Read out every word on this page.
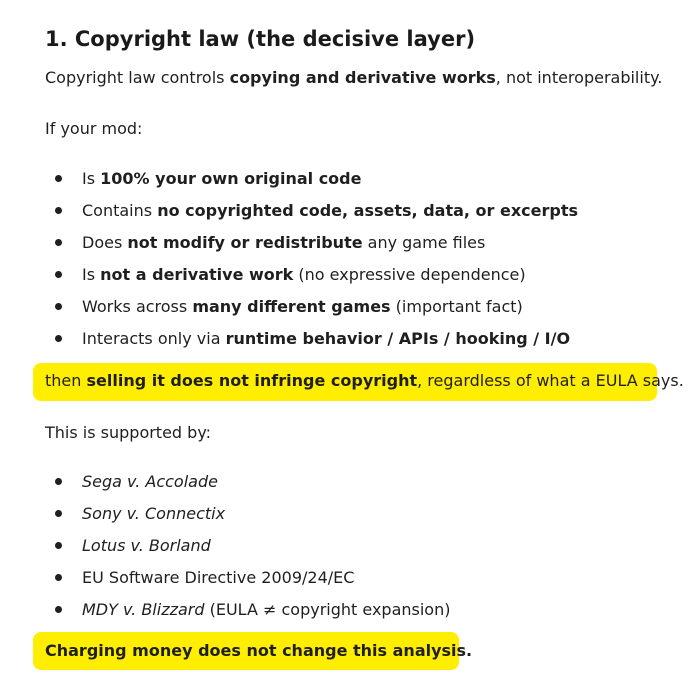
1. Copyright law (the decisive layer)

Copyright law controls copying and derivative works, not interoperability.

If your mod:

Is 100% your own original code
Contains no copyrighted code, assets, data, or excerpts
Does not modify or redistribute any game files
Is not a derivative work (no expressive dependence)
Works across many different games (important fact)
Interacts only via runtime behavior / APIs / hooking / I/O

then selling it does not infringe copyright, regardless of what a EULA says.

This is supported by:

Sega v. Accolade
Sony v. Connectix
Lotus v. Borland
EU Software Directive 2009/24/EC
MDY v. Blizzard (EULA ≠ copyright expansion)

Charging money does not change this analysis.
